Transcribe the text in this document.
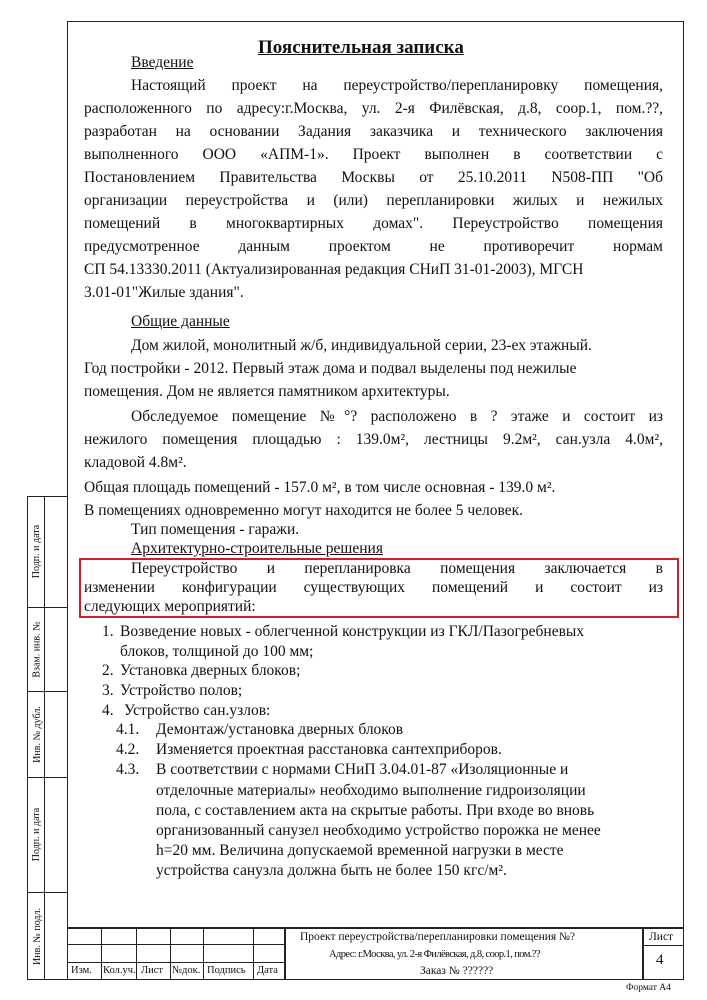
Подп. и дата
Взам. инв. №
Инв. № дубл.
Подп. и дата
Инв. № подл.
Пояснительная записка
Введение
Настоящий проект на переустройство/перепланировку помещения,
расположенного по адресу:г.Москва, ул. 2-я Филёвская, д.8, соор.1, пом.??,
разработан на основании Задания заказчика и технического заключения
выполненного ООО «АПМ-1». Проект выполнен в соответствии с
Постановлением Правительства Москвы от 25.10.2011 N508-ПП "Об
организации переустройства и (или) перепланировки жилых и нежилых
помещений в многоквартирных домах". Переустройство помещения
предусмотренное данным проектом не противоречит нормам
СП 54.13330.2011 (Актуализированная редакция СНиП 31-01-2003), МГСН
3.01-01"Жилые здания".
Общие данные
Дом жилой, монолитный ж/б, индивидуальной серии, 23-ех этажный.
Год постройки - 2012. Первый этаж дома и подвал выделены под нежилые
помещения. Дом не является памятником архитектуры.
Обследуемое помещение №°? расположено в ? этаже и состоит из
нежилого помещения площадью : 139.0м², лестницы 9.2м², сан.узла 4.0м²,
кладовой 4.8м².
Общая площадь помещений - 157.0 м², в том числе основная - 139.0 м².
В помещениях одновременно могут находится не более 5 человек.
Тип помещения - гаражи.
Архитектурно-строительные решения
Переустройство и перепланировка помещения заключается в
изменении конфигурации существующих помещений и состоит из
следующих мероприятий:
1. Возведение новых - облегченной конструкции из ГКЛ/Пазогребневых
блоков, толщиной до 100 мм;
2. Установка дверных блоков;
3. Устройство полов;
4. Устройство сан.узлов:
4.1. Демонтаж/установка дверных блоков
4.2. Изменяется проектная расстановка сантехприборов.
4.3. В соответствии с нормами СНиП 3.04.01-87 «Изоляционные и
отделочные материалы» необходимо выполнение гидроизоляции
пола, с составлением акта на скрытые работы. При входе во вновь
организованный санузел необходимо устройство порожка не менее
h=20 мм. Величина допускаемой временной нагрузки в месте
устройства санузла должна быть не более 150 кгс/м².
Изм. Кол.уч. Лист №док. Подпись Дата
Проект переустройства/перепланировки помещения №?
Адрес: г.Москва, ул. 2-я Филёвская, д.8, соор.1, пом.??
Заказ № ??????
Лист
4
Формат А4
